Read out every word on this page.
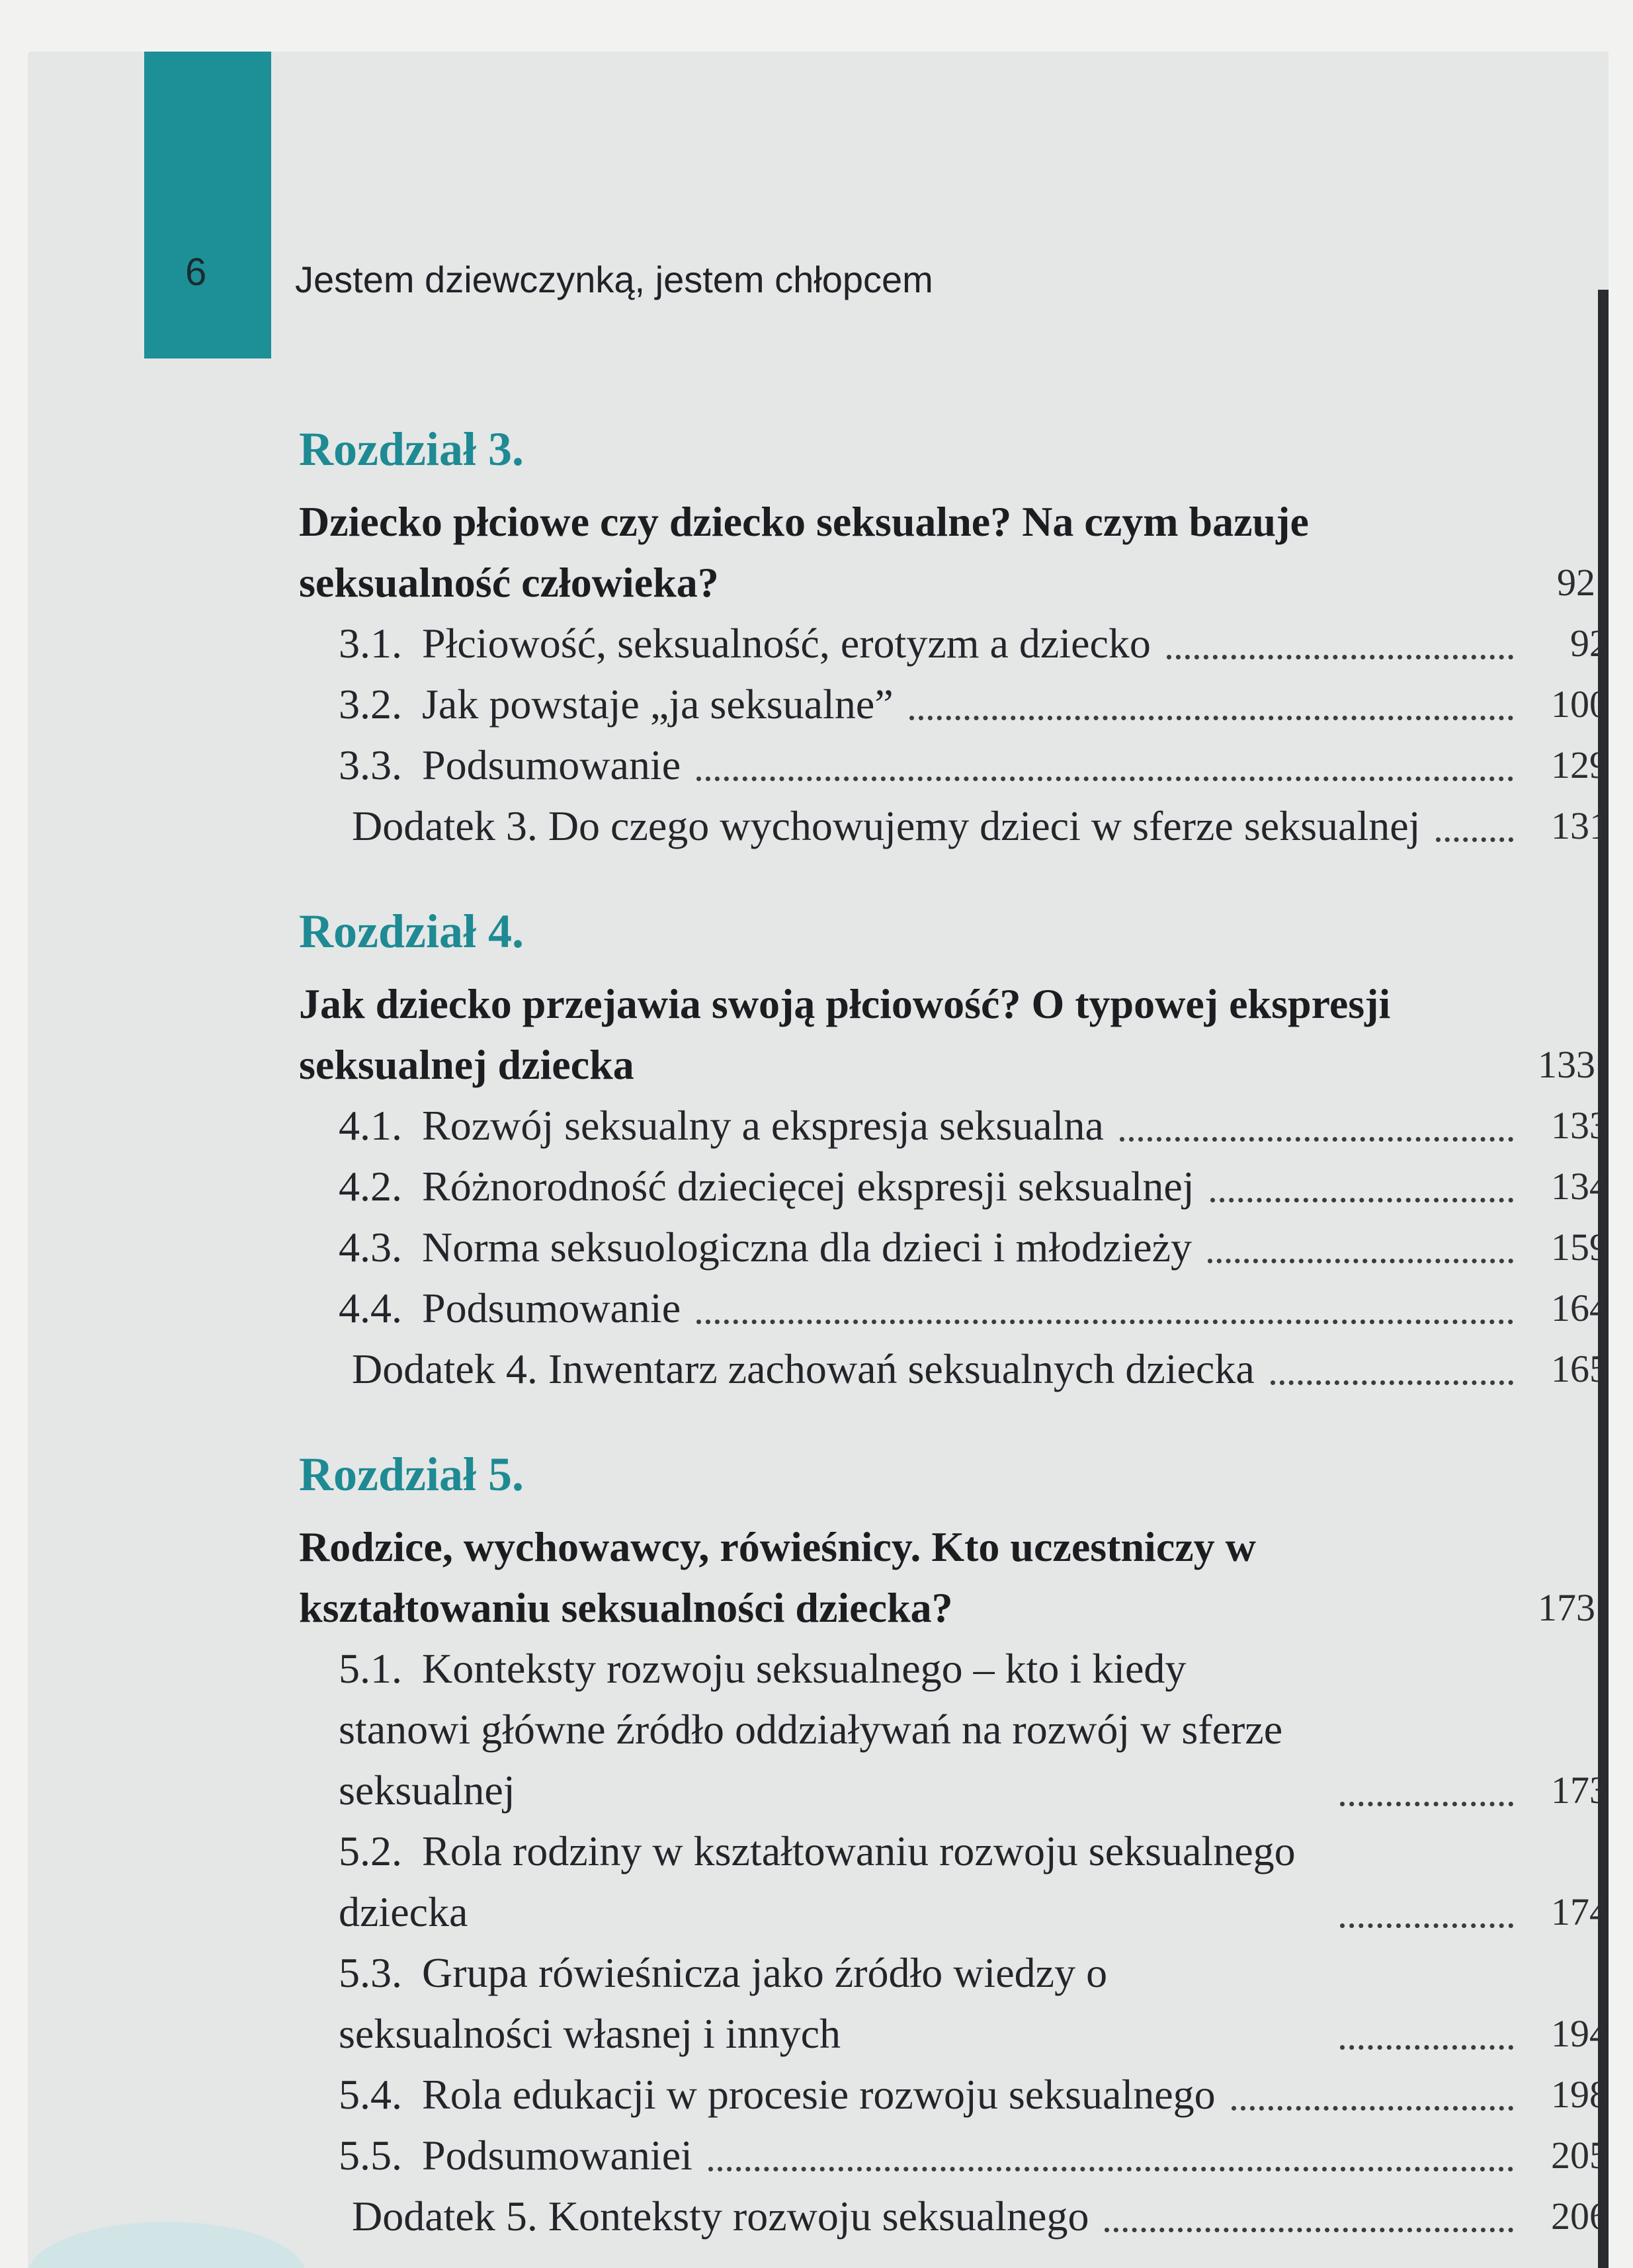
6	Jestem dziewczynką, jestem chłopcem
Rozdział 3.
Dziecko płciowe czy dziecko seksualne? Na czym bazuje seksualność człowieka?	92
3.1. Płciowość, seksualność, erotyzm a dziecko	92
3.2. Jak powstaje „ja seksualne”	100
3.3. Podsumowanie	129
Dodatek 3. Do czego wychowujemy dzieci w sferze seksualnej	131
Rozdział 4.
Jak dziecko przejawia swoją płciowość? O typowej ekspresji seksualnej dziecka	133
4.1. Rozwój seksualny a ekspresja seksualna	133
4.2. Różnorodność dziecięcej ekspresji seksualnej	134
4.3. Norma seksuologiczna dla dzieci i młodzieży	159
4.4. Podsumowanie	164
Dodatek 4. Inwentarz zachowań seksualnych dziecka	165
Rozdział 5.
Rodzice, wychowawcy, rówieśnicy. Kto uczestniczy w kształtowaniu seksualności dziecka?	173
5.1. Konteksty rozwoju seksualnego – kto i kiedy stanowi główne źródło oddziaływań na rozwój w sferze seksualnej	173
5.2. Rola rodziny w kształtowaniu rozwoju seksualnego dziecka	174
5.3. Grupa rówieśnicza jako źródło wiedzy o seksualności własnej i innych	194
5.4. Rola edukacji w procesie rozwoju seksualnego	198
5.5. Podsumowaniei	205
Dodatek 5. Konteksty rozwoju seksualnego	206
